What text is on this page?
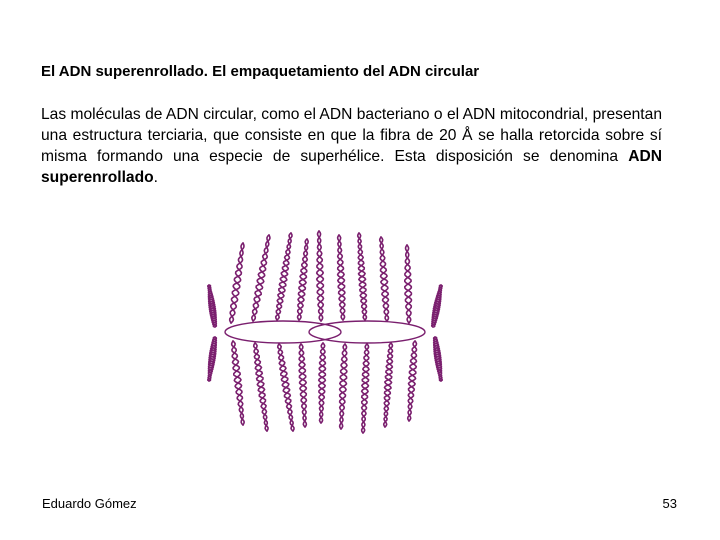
El ADN superenrollado. El empaquetamiento del ADN circular

Las moléculas de ADN circular, como el ADN bacteriano o el ADN mitocondrial, presentan una estructura terciaria, que consiste en que la fibra de 20 Å se halla retorcida sobre sí misma formando una especie de superhélice. Esta disposición se denomina ADN superenrollado.

Eduardo Gómez	53
